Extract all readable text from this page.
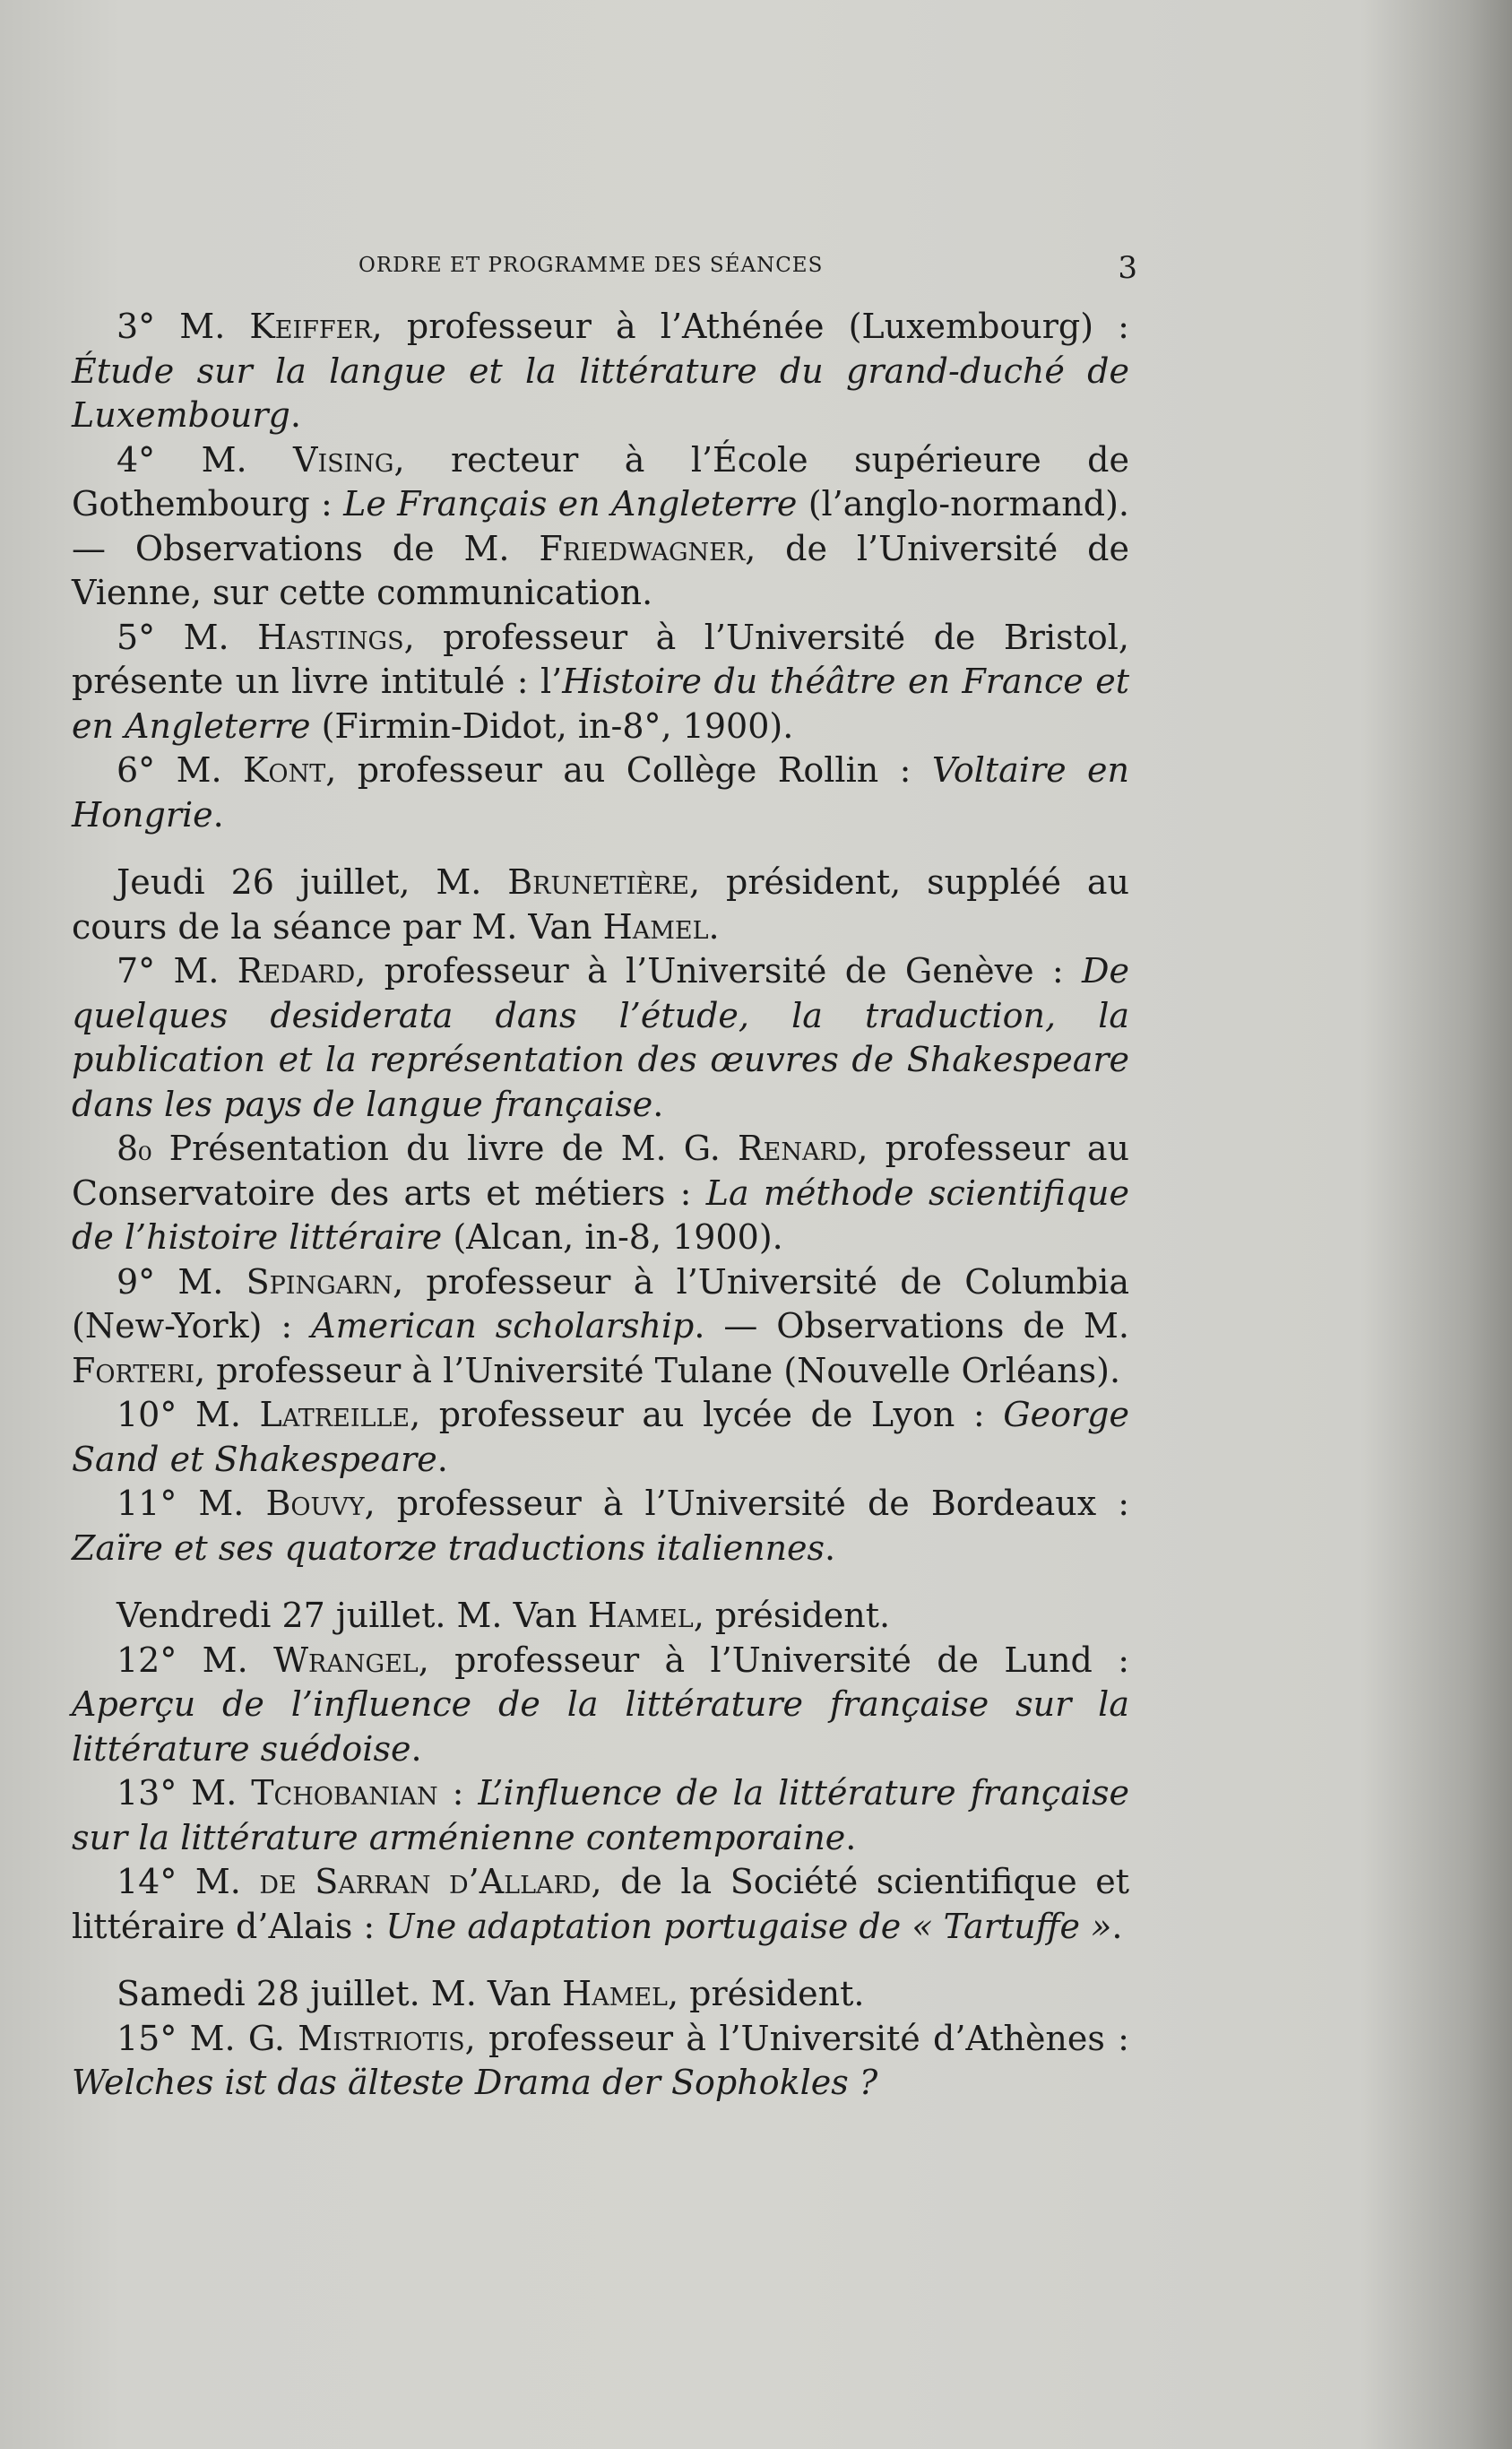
ORDRE ET PROGRAMME DES SÉANCES	3

3° M. Keiffer, professeur à l’Athénée (Luxembourg) : Étude sur la langue et la littérature du grand-duché de Luxembourg.

4° M. Vising, recteur à l’École supérieure de Gothembourg : Le Français en Angleterre (l’anglo-normand). — Observations de M. Friedwagner, de l’Université de Vienne, sur cette communication.

5° M. Hastings, professeur à l’Université de Bristol, présente un livre intitulé : l’Histoire du théâtre en France et en Angleterre (Firmin-Didot, in-8°, 1900).

6° M. Kont, professeur au Collège Rollin : Voltaire en Hongrie.

Jeudi 26 juillet, M. Brunetière, président, suppléé au cours de la séance par M. Van Hamel.

7° M. Redard, professeur à l’Université de Genève : De quelques desiderata dans l’étude, la traduction, la publication et la représentation des œuvres de Shakespeare dans les pays de langue française.

8₀ Présentation du livre de M. G. Renard, professeur au Conservatoire des arts et métiers : La méthode scientifique de l’histoire littéraire (Alcan, in-8, 1900).

9° M. Spingarn, professeur à l’Université de Columbia (New-York) : American scholarship. — Observations de M. Forteri, professeur à l’Université Tulane (Nouvelle Orléans).

10° M. Latreille, professeur au lycée de Lyon : George Sand et Shakespeare.

11° M. Bouvy, professeur à l’Université de Bordeaux : Zaïre et ses quatorze traductions italiennes.

Vendredi 27 juillet. M. Van Hamel, président.

12° M. Wrangel, professeur à l’Université de Lund : Aperçu de l’influence de la littérature française sur la littérature suédoise.

13° M. Tchobanian : L’influence de la littérature française sur la littérature arménienne contemporaine.

14° M. de Sarran d’Allard, de la Société scientifique et littéraire d’Alais : Une adaptation portugaise de « Tartuffe ».

Samedi 28 juillet. M. Van Hamel, président.

15° M. G. Mistriotis, professeur à l’Université d’Athènes : Welches ist das älteste Drama der Sophokles ?
